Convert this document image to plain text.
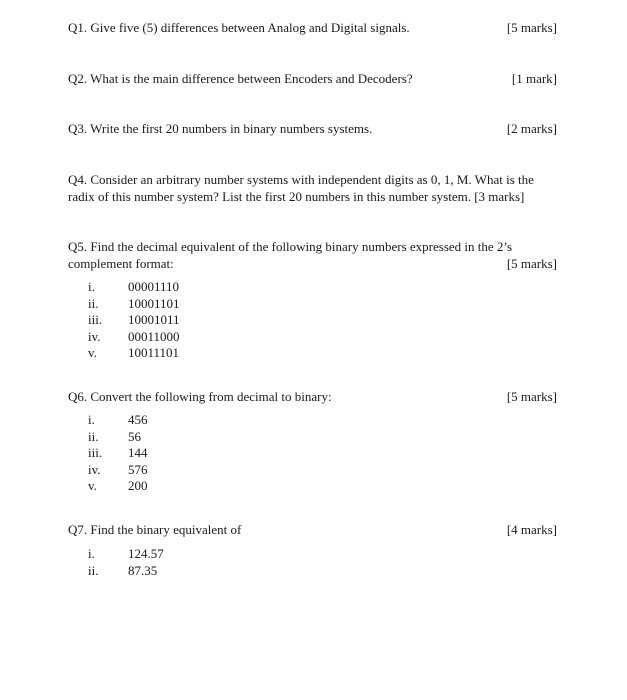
Q1. Give five (5) differences between Analog and Digital signals.	[5 marks]
Q2. What is the main difference between Encoders and Decoders?	[1 mark]
Q3. Write the first 20 numbers in binary numbers systems.	[2 marks]
Q4. Consider an arbitrary number systems with independent digits as 0, 1, M. What is the
radix of this number system? List the first 20 numbers in this number system. [3 marks]
Q5. Find the decimal equivalent of the following binary numbers expressed in the 2’s
complement format:	[5 marks]
i.	00001110
ii. 10001101
iii. 10001011
iv. 00011000
v. 10011101
Q6. Convert the following from decimal to binary:	[5 marks]
i.	456
ii. 56
iii. 144
iv. 576
v. 200
Q7. Find the binary equivalent of	[4 marks]
i.	124.57
ii. 87.35
